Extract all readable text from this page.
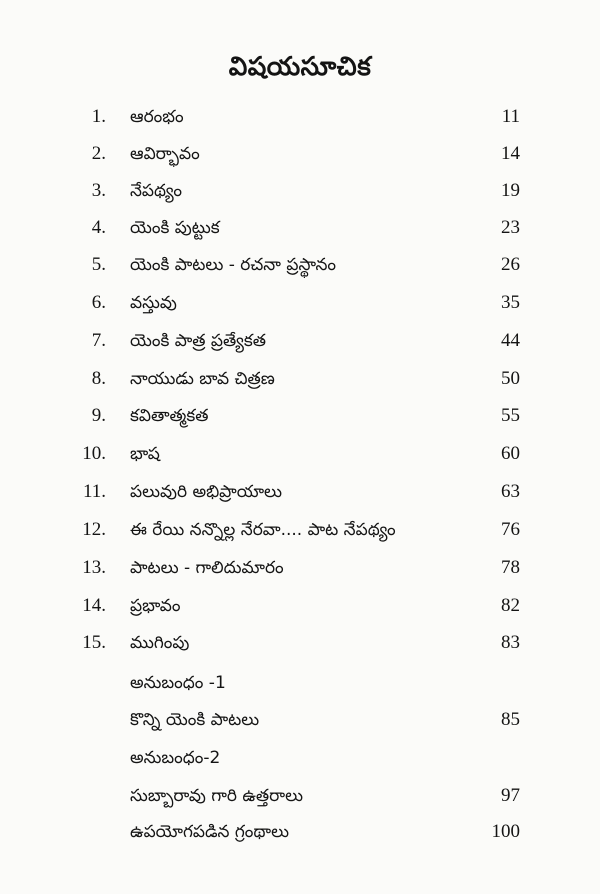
విషయసూచిక
1. ఆరంభం	11
2. ఆవిర్భావం	14
3. నేపథ్యం	19
4. యెంకి పుట్టుక	23
5. యెంకి పాటలు - రచనా ప్రస్థానం	26
6. వస్తువు	35
7. యెంకి పాత్ర ప్రత్యేకత	44
8. నాయుడు బావ చిత్రణ	50
9. కవితాత్మకత	55
10. భాష	60
11. పలువురి అభిప్రాయాలు	63
12. ఈ రేయి నన్నొల్ల నేరవా.... పాట నేపథ్యం	76
13. పాటలు - గాలిదుమారం	78
14. ప్రభావం	82
15. ముగింపు	83
అనుబంధం -1
కొన్ని యెంకి పాటలు	85
అనుబంధం-2
సుబ్బారావు గారి ఉత్తరాలు	97
ఉపయోగపడిన గ్రంథాలు	100
